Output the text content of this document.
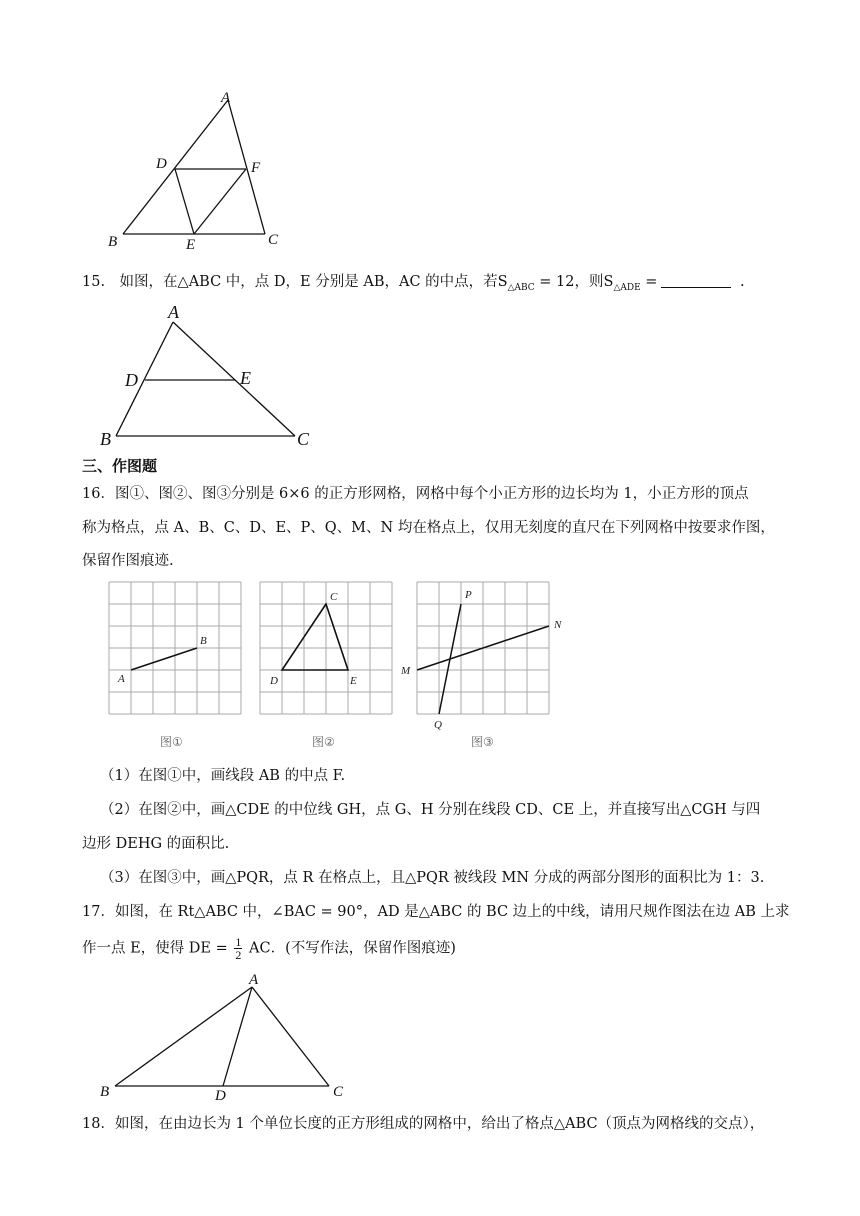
A
D	F
B	E	C
15.　如图，在△ABC 中，点 D，E 分别是 AB，AC 的中点，若$S_{\triangle ABC} = 12$，则$S_{\triangle ADE}$ =	.
A
D	E
B	C
三、作图题
16．图①、图②、图③分别是 6×6 的正方形网格，网格中每个小正方形的边长均为 1，小正方形的顶点
称为格点，点 A、B、C、D、E、P、Q、M、N 均在格点上，仅用无刻度的直尺在下列网格中按要求作图，
保留作图痕迹.
A
B
图①
C
D	E
图②
P
Q
M
N
图③
（1）在图①中，画线段 AB 的中点 F.
（2）在图②中，画△CDE 的中位线 GH，点 G、H 分别在线段 CD、CE 上，并直接写出△CGH 与四
边形 DEHG 的面积比.
（3）在图③中，画△PQR，点 R 在格点上，且△PQR 被线段 MN 分成的两部分图形的面积比为 1：3.
17．如图，在 Rt△ABC 中，∠BAC = 90°，AD 是△ABC 的 BC 边上的中线，请用尺规作图法在边 AB 上求
作一点 E，使得 DE = $\frac{1}{2}$ AC．(不写作法，保留作图痕迹)
A
B	D	C
18．如图，在由边长为 1 个单位长度的正方形组成的网格中，给出了格点△ABC（顶点为网格线的交点），
